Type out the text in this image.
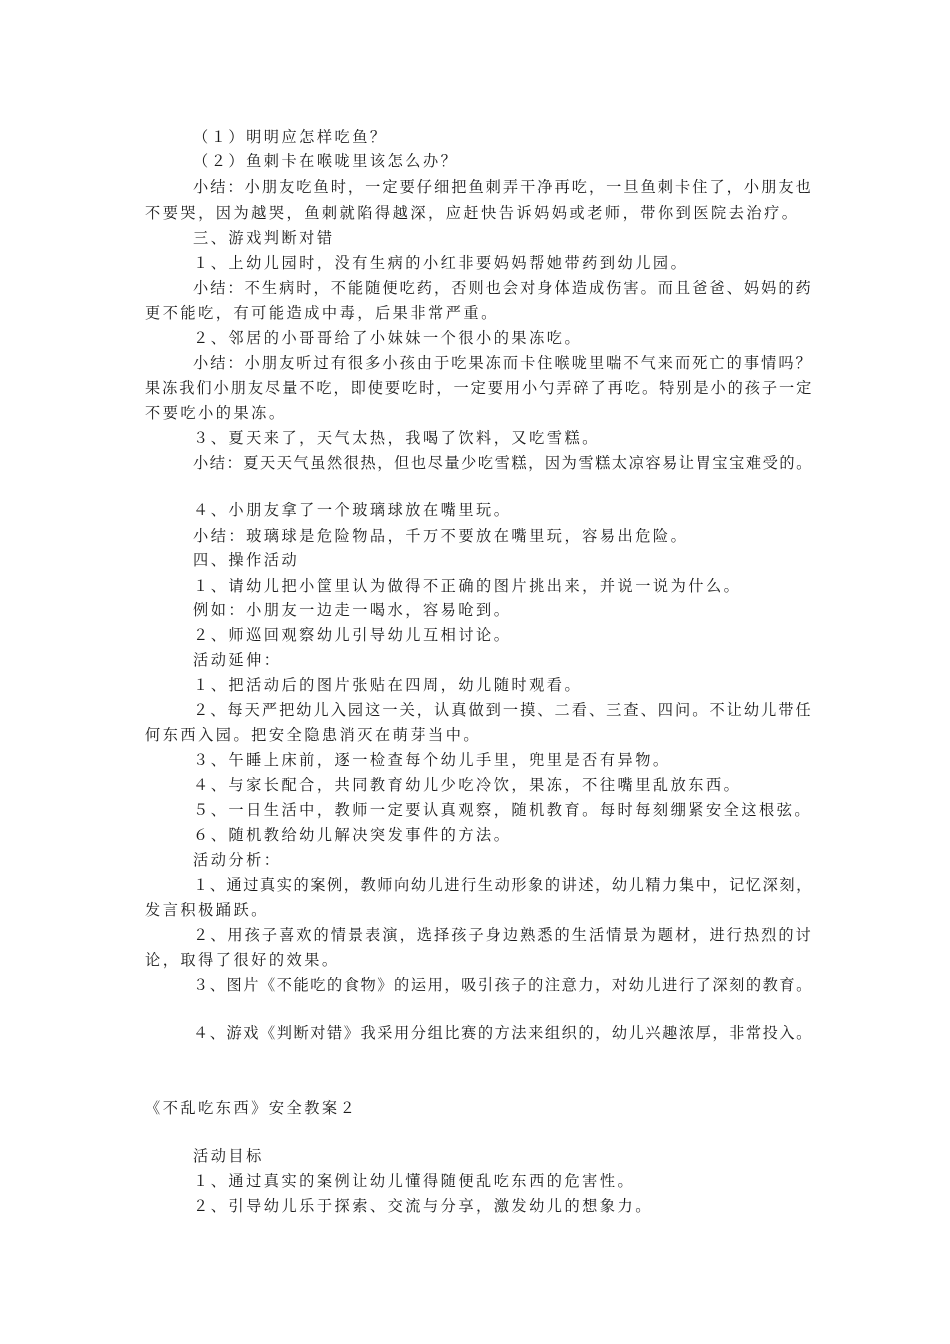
（１）明明应怎样吃鱼？

（２）鱼刺卡在喉咙里该怎么办？

小结：小朋友吃鱼时，一定要仔细把鱼刺弄干净再吃，一旦鱼刺卡住了，小朋友也

不要哭，因为越哭，鱼刺就陷得越深，应赶快告诉妈妈或老师，带你到医院去治疗。

三、游戏判断对错

１、上幼儿园时，没有生病的小红非要妈妈帮她带药到幼儿园。

小结：不生病时，不能随便吃药，否则也会对身体造成伤害。而且爸爸、妈妈的药

更不能吃，有可能造成中毒，后果非常严重。

２、邻居的小哥哥给了小妹妹一个很小的果冻吃。

小结：小朋友听过有很多小孩由于吃果冻而卡住喉咙里喘不气来而死亡的事情吗？

果冻我们小朋友尽量不吃，即使要吃时，一定要用小勺弄碎了再吃。特别是小的孩子一定

不要吃小的果冻。

３、夏天来了，天气太热，我喝了饮料，又吃雪糕。

小结：夏天天气虽然很热，但也尽量少吃雪糕，因为雪糕太凉容易让胃宝宝难受的。

４、小朋友拿了一个玻璃球放在嘴里玩。

小结：玻璃球是危险物品，千万不要放在嘴里玩，容易出危险。

四、操作活动

１、请幼儿把小筐里认为做得不正确的图片挑出来，并说一说为什么。

例如：小朋友一边走一喝水，容易呛到。

２、师巡回观察幼儿引导幼儿互相讨论。

活动延伸：

１、把活动后的图片张贴在四周，幼儿随时观看。

２、每天严把幼儿入园这一关，认真做到一摸、二看、三查、四问。不让幼儿带任

何东西入园。把安全隐患消灭在萌芽当中。

３、午睡上床前，逐一检查每个幼儿手里，兜里是否有异物。

４、与家长配合，共同教育幼儿少吃冷饮，果冻，不往嘴里乱放东西。

５、一日生活中，教师一定要认真观察，随机教育。每时每刻绷紧安全这根弦。

６、随机教给幼儿解决突发事件的方法。

活动分析：

１、通过真实的案例，教师向幼儿进行生动形象的讲述，幼儿精力集中，记忆深刻，

发言积极踊跃。

２、用孩子喜欢的情景表演，选择孩子身边熟悉的生活情景为题材，进行热烈的讨

论，取得了很好的效果。

３、图片《不能吃的食物》的运用，吸引孩子的注意力，对幼儿进行了深刻的教育。

４、游戏《判断对错》我采用分组比赛的方法来组织的，幼儿兴趣浓厚，非常投入。

《不乱吃东西》安全教案２

活动目标

１、通过真实的案例让幼儿懂得随便乱吃东西的危害性。

２、引导幼儿乐于探索、交流与分享，激发幼儿的想象力。
